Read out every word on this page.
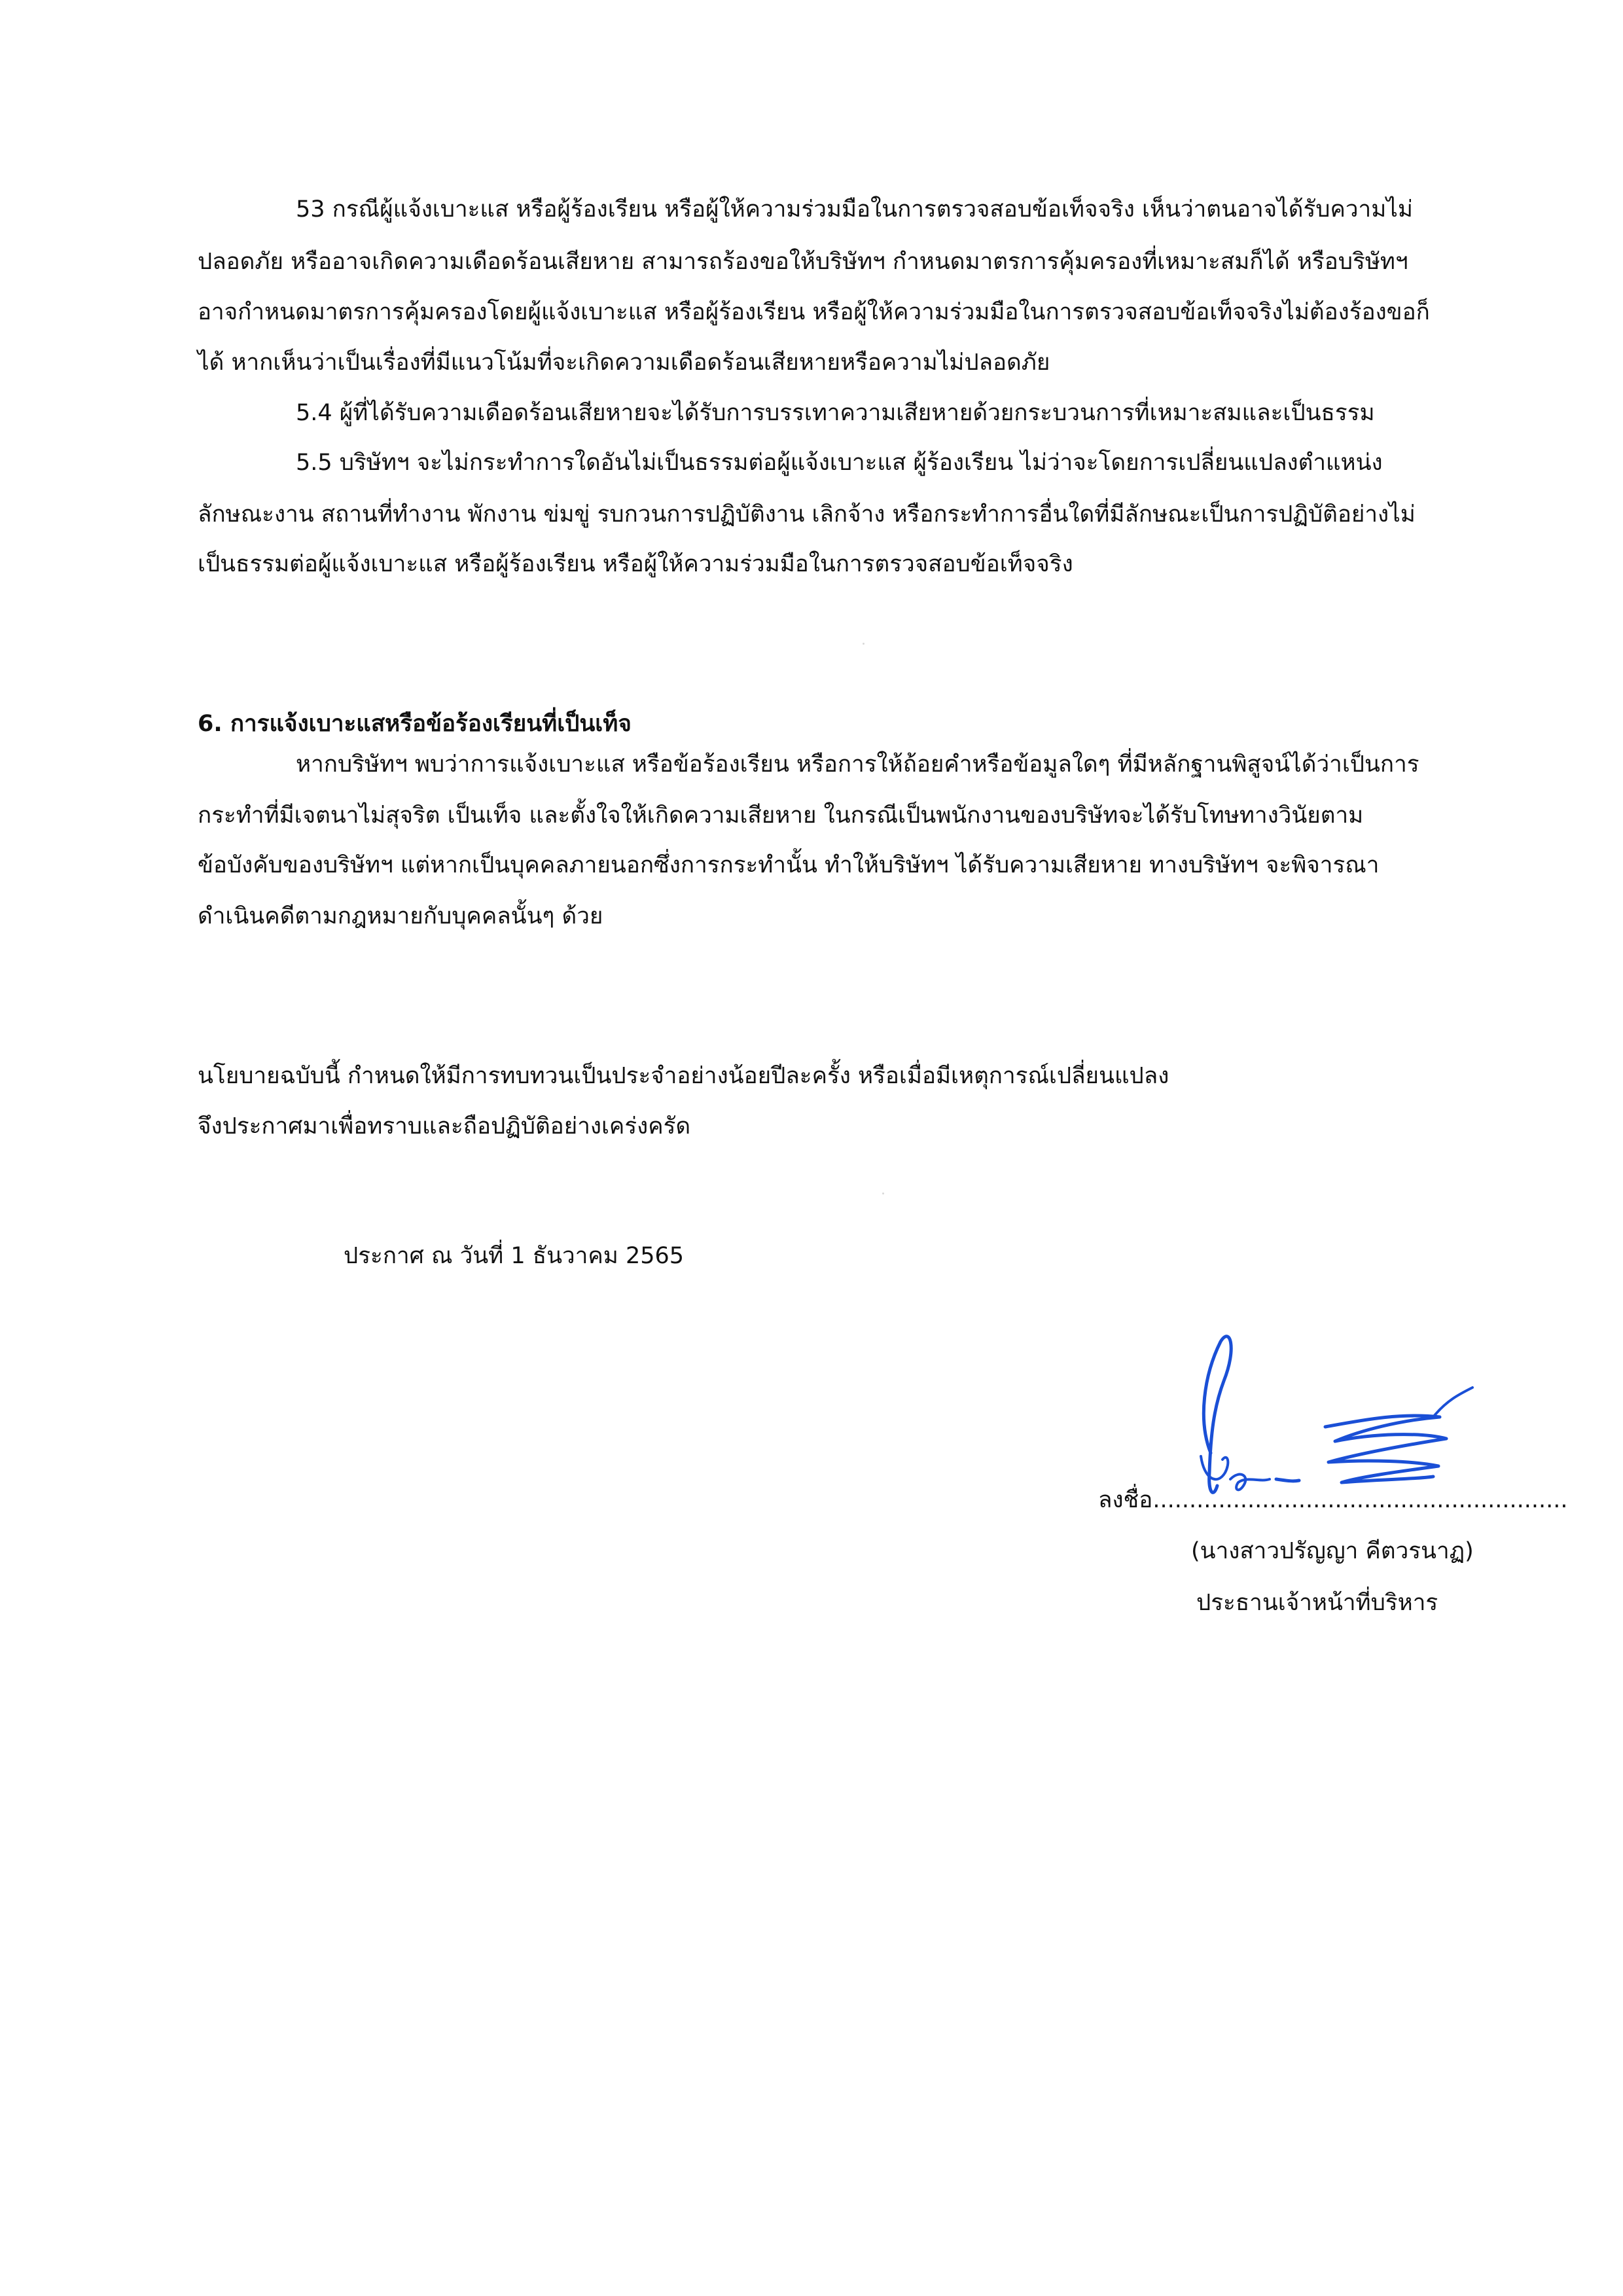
53 กรณีผู้แจ้งเบาะแส หรือผู้ร้องเรียน หรือผู้ให้ความร่วมมือในการตรวจสอบข้อเท็จจริง เห็นว่าตนอาจได้รับความไม่
ปลอดภัย หรืออาจเกิดความเดือดร้อนเสียหาย สามารถร้องขอให้บริษัทฯ กำหนดมาตรการคุ้มครองที่เหมาะสมก็ได้ หรือบริษัทฯ
อาจกำหนดมาตรการคุ้มครองโดยผู้แจ้งเบาะแส หรือผู้ร้องเรียน หรือผู้ให้ความร่วมมือในการตรวจสอบข้อเท็จจริงไม่ต้องร้องขอก็
ได้ หากเห็นว่าเป็นเรื่องที่มีแนวโน้มที่จะเกิดความเดือดร้อนเสียหายหรือความไม่ปลอดภัย
5.4 ผู้ที่ได้รับความเดือดร้อนเสียหายจะได้รับการบรรเทาความเสียหายด้วยกระบวนการที่เหมาะสมและเป็นธรรม
5.5 บริษัทฯ จะไม่กระทำการใดอันไม่เป็นธรรมต่อผู้แจ้งเบาะแส ผู้ร้องเรียน ไม่ว่าจะโดยการเปลี่ยนแปลงตำแหน่ง
ลักษณะงาน สถานที่ทำงาน พักงาน ข่มขู่ รบกวนการปฏิบัติงาน เลิกจ้าง หรือกระทำการอื่นใดที่มีลักษณะเป็นการปฏิบัติอย่างไม่
เป็นธรรมต่อผู้แจ้งเบาะแส หรือผู้ร้องเรียน หรือผู้ให้ความร่วมมือในการตรวจสอบข้อเท็จจริง
6. การแจ้งเบาะแสหรือข้อร้องเรียนที่เป็นเท็จ
หากบริษัทฯ พบว่าการแจ้งเบาะแส หรือข้อร้องเรียน หรือการให้ถ้อยคำหรือข้อมูลใดๆ ที่มีหลักฐานพิสูจน์ได้ว่าเป็นการ
กระทำที่มีเจตนาไม่สุจริต เป็นเท็จ และตั้งใจให้เกิดความเสียหาย ในกรณีเป็นพนักงานของบริษัทจะได้รับโทษทางวินัยตาม
ข้อบังคับของบริษัทฯ แต่หากเป็นบุคคลภายนอกซึ่งการกระทำนั้น ทำให้บริษัทฯ ได้รับความเสียหาย ทางบริษัทฯ จะพิจารณา
ดำเนินคดีตามกฎหมายกับบุคคลนั้นๆ ด้วย
นโยบายฉบับนี้ กำหนดให้มีการทบทวนเป็นประจำอย่างน้อยปีละครั้ง หรือเมื่อมีเหตุการณ์เปลี่ยนแปลง
จึงประกาศมาเพื่อทราบและถือปฏิบัติอย่างเคร่งครัด
ประกาศ ณ วันที่ 1 ธันวาคม 2565
ลงชื่อ.........................................................
(นางสาวปรัญญา คีตวรนาฏ)
ประธานเจ้าหน้าที่บริหาร
